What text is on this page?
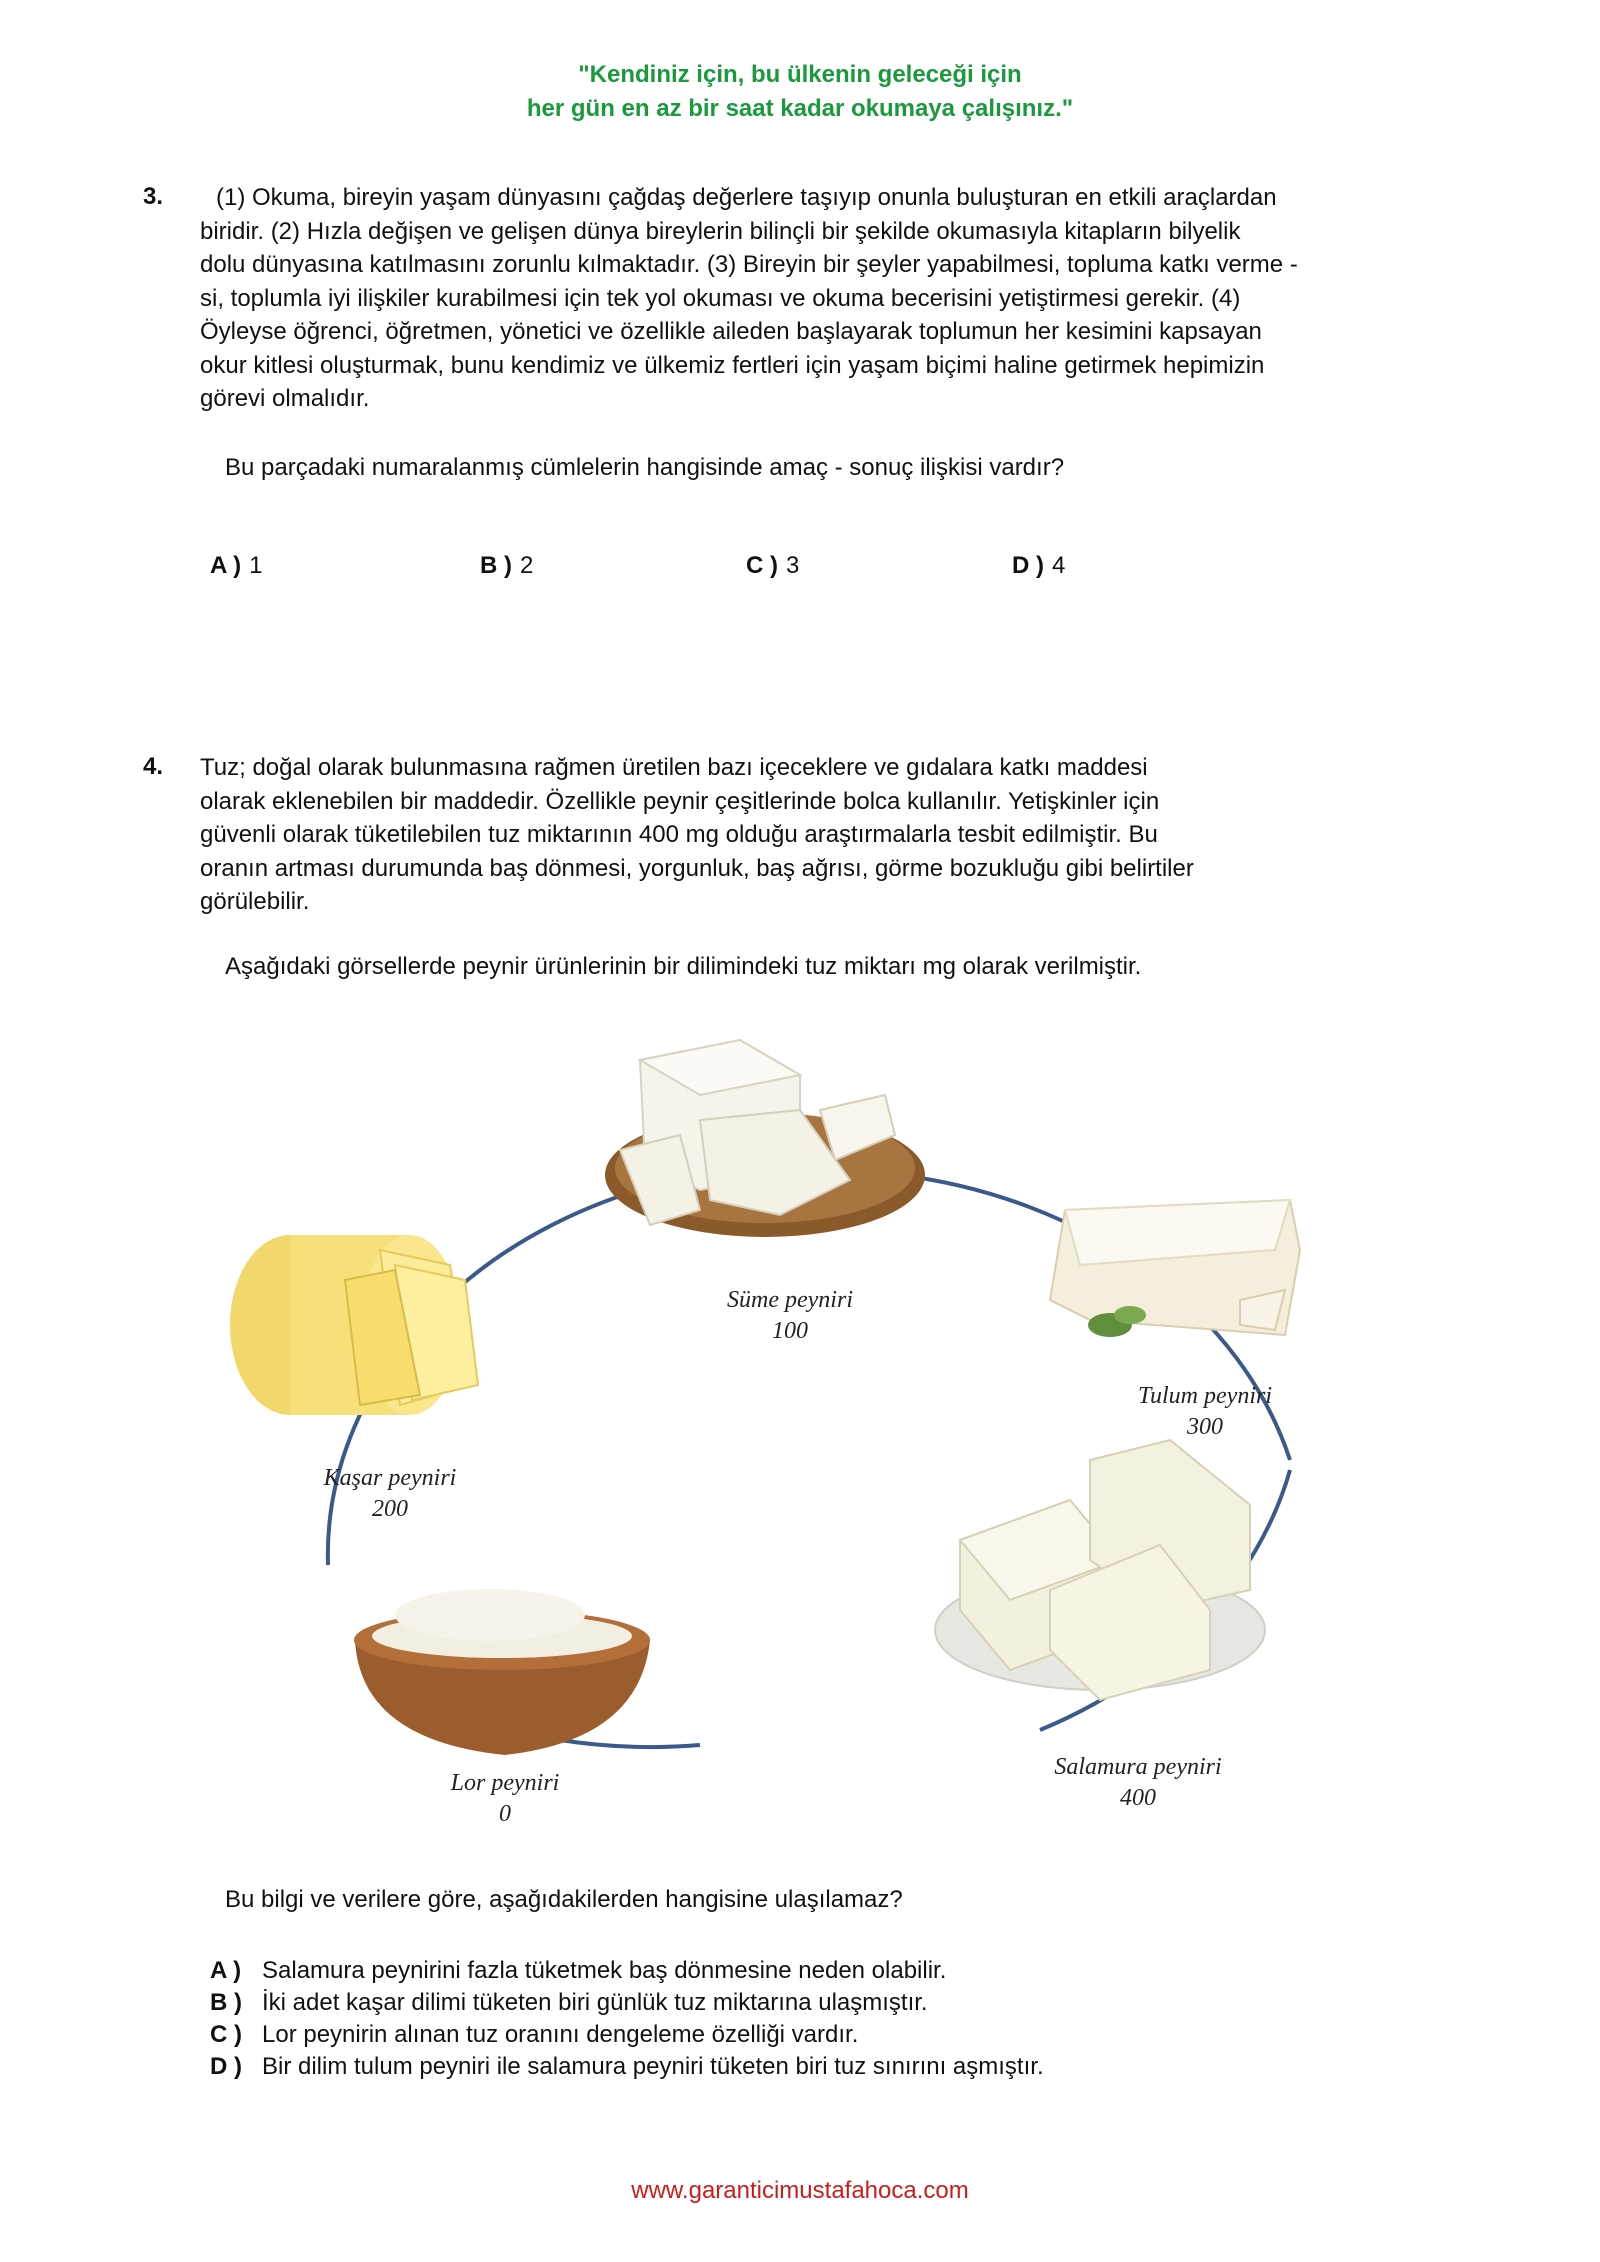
"Kendiniz için, bu ülkenin geleceği için
her gün en az bir saat kadar okumaya çalışınız."
3. (1) Okuma, bireyin yaşam dünyasını çağdaş değerlere taşıyıp onunla buluşturan en etkili araçlardan
biridir. (2) Hızla değişen ve gelişen dünya bireylerin bilinçli bir şekilde okumasıyla kitapların bilyelik
dolu dünyasına katılmasını zorunlu kılmaktadır. (3) Bireyin bir şeyler yapabilmesi, topluma katkı verme -
si, toplumla iyi ilişkiler kurabilmesi için tek yol okuması ve okuma becerisini yetiştirmesi gerekir. (4)
Öyleyse öğrenci, öğretmen, yönetici ve özellikle aileden başlayarak toplumun her kesimini kapsayan
okur kitlesi oluşturmak, bunu kendimiz ve ülkemiz fertleri için yaşam biçimi haline getirmek hepimizin
görevi olmalıdır.
Bu parçadaki numaralanmış cümlelerin hangisinde amaç - sonuç ilişkisi vardır?
A ) 1	B ) 2	C ) 3	D ) 4
4. Tuz; doğal olarak bulunmasına rağmen üretilen bazı içeceklere ve gıdalara katkı maddesi
olarak eklenebilen bir maddedir. Özellikle peynir çeşitlerinde bolca kullanılır. Yetişkinler için
güvenli olarak tüketilebilen tuz miktarının 400 mg olduğu araştırmalarla tesbit edilmiştir. Bu
oranın artması durumunda baş dönmesi, yorgunluk, baş ağrısı, görme bozukluğu gibi belirtiler
görülebilir.
Aşağıdaki görsellerde peynir ürünlerinin bir dilimindeki tuz miktarı mg olarak verilmiştir.
Süme peyniri
100
Tulum peyniri
300
Kaşar peyniri
200
Salamura peyniri
400
Lor peyniri
0
Bu bilgi ve verilere göre, aşağıdakilerden hangisine ulaşılamaz?
A ) Salamura peynirini fazla tüketmek baş dönmesine neden olabilir.
B ) İki adet kaşar dilimi tüketen biri günlük tuz miktarına ulaşmıştır.
C ) Lor peynirin alınan tuz oranını dengeleme özelliği vardır.
D ) Bir dilim tulum peyniri ile salamura peyniri tüketen biri tuz sınırını aşmıştır.
www.garanticimustafahoca.com
